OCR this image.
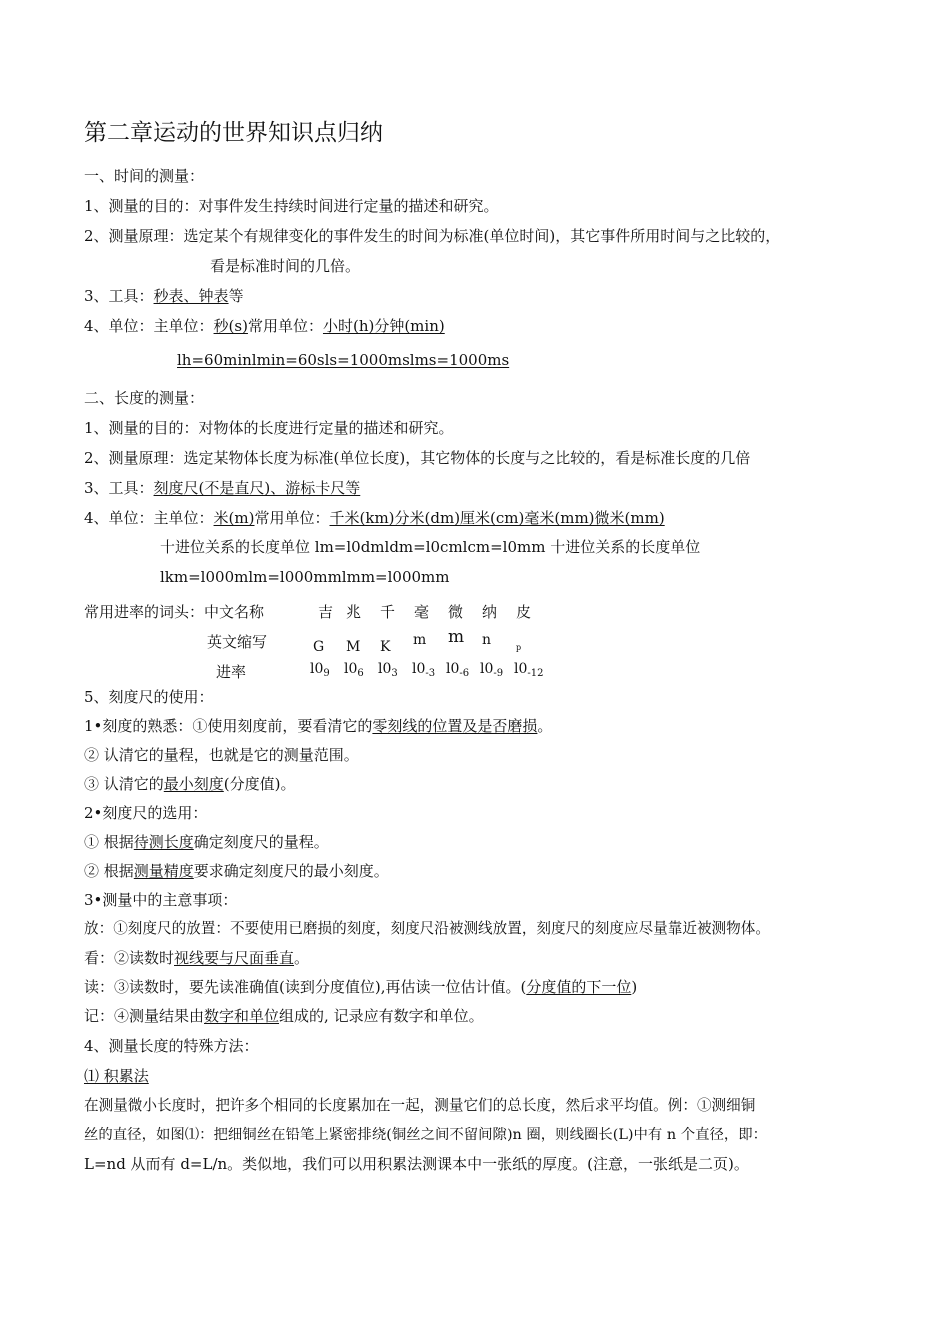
第二章运动的世界知识点归纳
一、时间的测量：
1、测量的目的：对事件发生持续时间进行定量的描述和研究。
2、测量原理：选定某个有规律变化的事件发生的时间为标准(单位时间)，其它事件所用时间与之比较的，
看是标准时间的几倍。
3、工具：秒表、钟表等
4、单位：主单位：秒(s)常用单位：小时(h)分钟(min)
lh=60minlmin=60sls=1000mslms=1000ms
二、长度的测量：
1、测量的目的：对物体的长度进行定量的描述和研究。
2、测量原理：选定某物体长度为标准(单位长度)，其它物体的长度与之比较的，看是标准长度的几倍
3、工具：刻度尺(不是直尺)、游标卡尺等
4、单位：主单位：米(m)常用单位：千米(km)分米(dm)厘米(cm)毫米(mm)微米(mm)
十进位关系的长度单位 lm=l0dmldm=l0cmlcm=l0mm 十进位关系的长度单位
lkm=l000mlm=l000mmlmm=l000mm
常用进率的词头：中文名称	吉 兆 千 毫 微 纳 皮
英文缩写	G M K m m n	p
进率	$l0_9$ $l0_6$ $l0_3$ $l0_{-3}$ $l0_{-6}$ $l0_{-9}$ $l0_{-12}$
5、刻度尺的使用：
1•刻度的熟悉：①使用刻度前，要看清它的零刻线的位置及是否磨损。
② 认清它的量程，也就是它的测量范围。
③ 认清它的最小刻度(分度值)。
2•刻度尺的选用：
① 根据待测长度确定刻度尺的量程。
② 根据测量精度要求确定刻度尺的最小刻度。
3•测量中的主意事项：
放：①刻度尺的放置：不要使用已磨损的刻度，刻度尺沿被测线放置，刻度尺的刻度应尽量靠近被测物体。
看：②读数时视线要与尺面垂直。
读：③读数时，要先读准确值(读到分度值位),再估读一位估计值。(分度值的下一位)
记：④测量结果由数字和单位组成的, 记录应有数字和单位。
4、测量长度的特殊方法：
⑴ 积累法
在测量微小长度时，把许多个相同的长度累加在一起，测量它们的总长度，然后求平均值。例：①测细铜
丝的直径，如图⑴：把细铜丝在铅笔上紧密排绕(铜丝之间不留间隙)n 圈，则线圈长(L)中有 n 个直径，即：
L=nd 从而有 d=L/n。类似地，我们可以用积累法测课本中一张纸的厚度。(注意，一张纸是二页)。
